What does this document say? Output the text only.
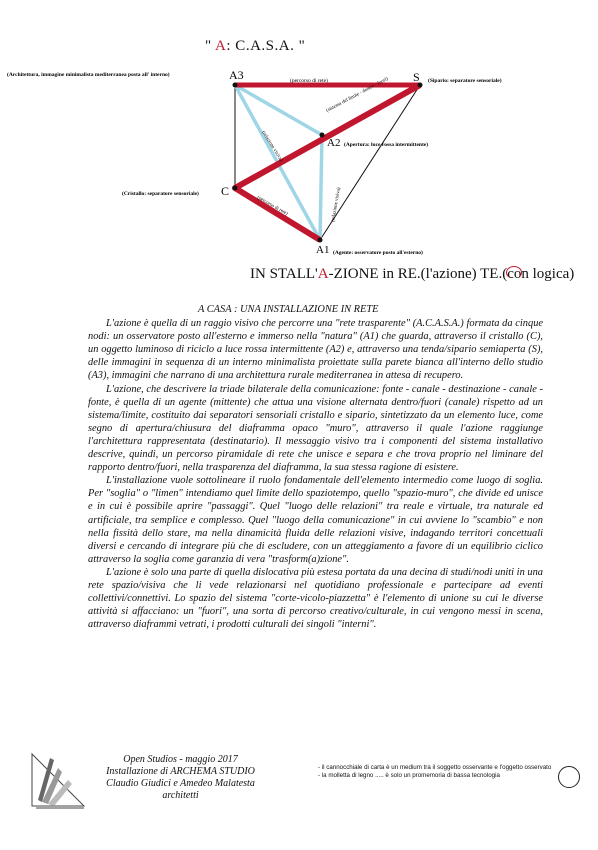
" A: C.A.S.A. "
(Architettura, immagine minimalista mediterranea posta all' interno)	A3	S (Sipario: separatore sensoriale)
A2 (Apertura: luce rossa intermittente)
(Cristallo: separatore sensoriale) C
A1 (Agente: osservatore posto all'esterno)
(percorso di rete)
(sistema del limite - dentro - fuori)
(relazione visiva)
(relazione visiva)
(percorso di rete)
IN STALL'A-ZIONE in RE.(l'azione) TE.(con logica)
A CASA : UNA INSTALLAZIONE IN RETE

L'azione è quella di un raggio visivo che percorre una "rete trasparente" (A.C.A.S.A.) formata da cinque nodi: un osservatore posto all'esterno e immerso nella "natura" (A1) che guarda, attraverso il cristallo (C), un oggetto luminoso di riciclo a luce rossa intermittente (A2) e, attraverso una tenda/sipario semiaperta (S), delle immagini in sequenza di un interno minimalista proiettate sulla parete bianca all'interno dello studio (A3), immagini che narrano di una architettura rurale mediterranea in attesa di recupero.

L'azione, che descrivere la triade bilaterale della comunicazione: fonte - canale - destinazione - canale - fonte, è quella di un agente (mittente) che attua una visione alternata dentro/fuori (canale) rispetto ad un sistema/limite, costituito dai separatori sensoriali cristallo e sipario, sintetizzato da un elemento luce, come segno di apertura/chiusura del diaframma opaco "muro", attraverso il quale l'azione raggiunge l'architettura rappresentata (destinatario). Il messaggio visivo tra i componenti del sistema installativo descrive, quindi, un percorso piramidale di rete che unisce e separa e che trova proprio nel liminare del rapporto dentro/fuori, nella trasparenza del diaframma, la sua stessa ragione di esistere.

L'installazione vuole sottolineare il ruolo fondamentale dell'elemento intermedio come luogo di soglia. Per "soglia" o "limen" intendiamo quel limite dello spaziotempo, quello "spazio-muro", che divide ed unisce e in cui è possibile aprire "passaggi". Quel "luogo delle relazioni" tra reale e virtuale, tra naturale ed artificiale, tra semplice e complesso. Quel "luogo della comunicazione" in cui avviene lo "scambio" e non nella fissità dello stare, ma nella dinamicità fluida delle relazioni visive, indagando territori concettuali diversi e cercando di integrare più che di escludere, con un atteggiamento a favore di un equilibrio ciclico attraverso la soglia come garanzia di vera "trasform(a)zione".

L'azione è solo una parte di quella dislocativa più estesa portata da una decina di studi/nodi uniti in una rete spazio/visiva che li vede relazionarsi nel quotidiano professionale e partecipare ad eventi collettivi/connettivi. Lo spazio del sistema "corte-vicolo-piazzetta" è l'elemento di unione su cui le diverse attività si affacciano: un "fuori", una sorta di percorso creativo/culturale, in cui vengono messi in scena, attraverso diaframmi vetrati, i prodotti culturali dei singoli "interni".

Open Studios - maggio 2017
Installazione di ARCHEMA STUDIO
Claudio Giudici e Amedeo Malatesta
architetti
- il cannocchiale di carta è un medium tra il soggetto osservante e l'oggetto osservato
- la molletta di legno ..... è solo un promemoria di bassa tecnologia
